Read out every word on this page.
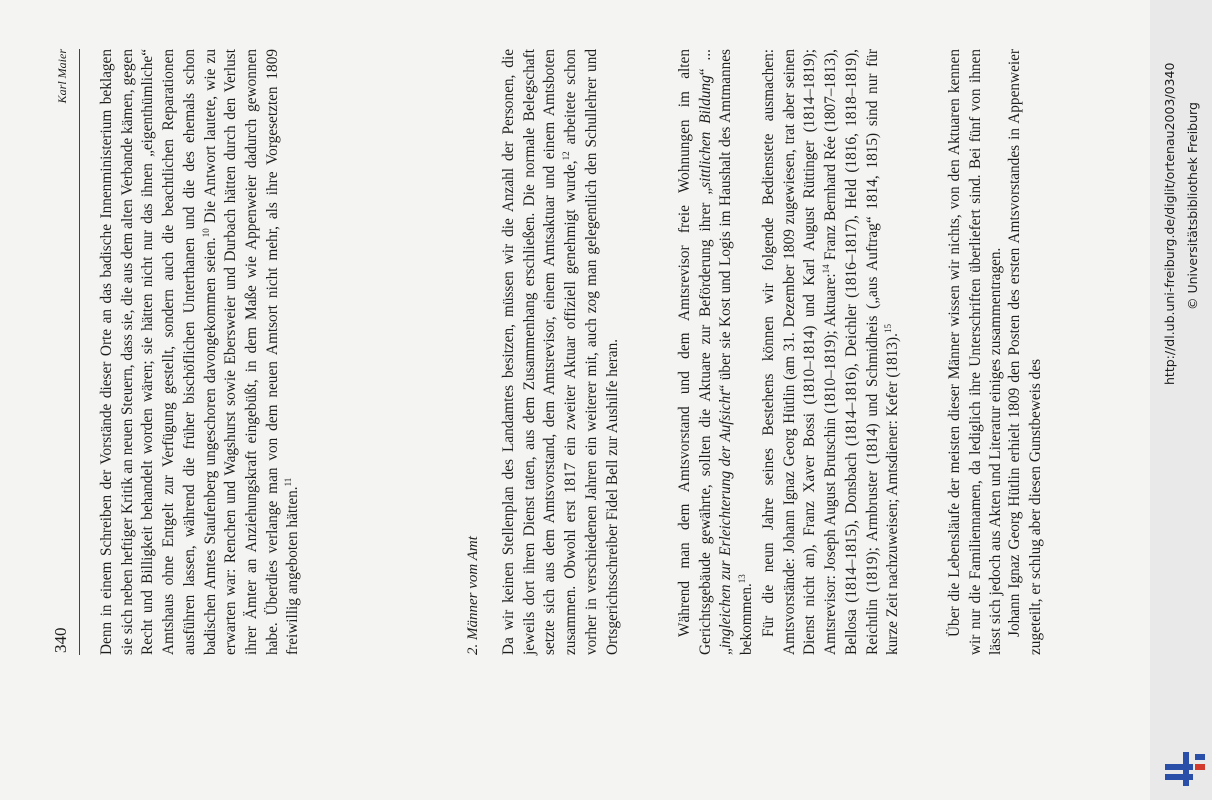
340
Karl Maier Denn in einem Schreiben der Vorstände dieser Orte an das badische Innenministerium beklagen sie sich neben heftiger Kritik an neuen Steuern, dass sie, die aus dem alten Verbande kämen, gegen Recht und Billigkeit behandelt worden wären; sie hätten nicht nur das ihnen „eigenthümliche“ Amtshaus ohne Entgelt zur Verfügung gestellt, sondern auch die beachtlichen Reparationen ausführen lassen, während die früher bischöflichen Unterthanen und die des ehemals schon badischen Amtes Staufenberg ungeschoren davongekommen seien.$^{10}$ Die Antwort lautete, wie zu erwarten war: Renchen und Wagshurst sowie Ebersweier und Durbach hätten durch den Verlust ihrer Ämter an Anziehungskraft eingebüßt, in dem Maße wie Appenweier dadurch gewonnen habe. Überdies verlange man von dem neuen Amtsort nicht mehr, als ihre Vorgesetzten 1809 freiwillig angeboten hätten.$^{11}$

2. Männer vom Amt Da wir keinen Stellenplan des Landamtes besitzen, müssen wir die Anzahl der Personen, die jeweils dort ihren Dienst taten, aus dem Zusammenhang erschließen. Die normale Belegschaft setzte sich aus dem Amtsvorstand, dem Amtsrevisor, einem Amtsaktuar und einem Amtsboten zusammen. Obwohl erst 1817 ein zweiter Aktuar offiziell genehmigt wurde,$^{12}$ arbeitete schon vorher in verschiedenen Jahren ein weiterer mit, auch zog man gelegentlich den Schullehrer und Ortsgerichtsschreiber Fidel Bell zur Aushilfe heran.	Während man dem Amtsvorstand und dem Amtsrevisor freie Wohnungen im alten Gerichtsgebäude gewährte, sollten die Aktuare zur Beförderung ihrer „sittlichen Bildung“ ... „ingleichen zur Erleichterung der Aufsicht“ über sie Kost und Logis im Haushalt des Amtmannes bekommen.$^{13}$ Für die neun Jahre seines Bestehens können wir folgende Bedienstete ausmachen: Amtsvorstände: Johann Ignaz Georg Hütlin (am 31. Dezember 1809 zugewiesen, trat aber seinen Dienst nicht an), Franz Xaver Bossi (1810–1814) und Karl August Rüttinger (1814–1819); Amtsrevisor: Joseph August Brutschin (1810–1819); Aktuare:$^{14}$ Franz Bernhard Rée (1807–1813), Bellosa (1814–1815), Donsbach (1814–1816), Deichler (1816–1817), Held (1816, 1818–1819), Reichtlin (1819); Armbruster (1814) und Schmidheis („aus Auftrag“ 1814, 1815) sind nur für kurze Zeit nachzuweisen; Amtsdiener: Kefer (1813).$^{15}$	Über die Lebensläufe der meisten dieser Männer wissen wir nichts, von den Aktuaren kennen wir nur die Familiennamen, da lediglich ihre Unterschriften überliefert sind. Bei fünf von ihnen lässt sich jedoch aus Akten und Literatur einiges zusammentragen. Johann Ignaz Georg Hütlin erhielt 1809 den Posten des ersten Amtsvorstandes in Appenweier zugeteilt, er schlug aber diesen Gunstbeweis des

http://dl.ub.uni-freiburg.de/diglit/ortenau2003/0340 © Universitätsbibliothek Freiburg
